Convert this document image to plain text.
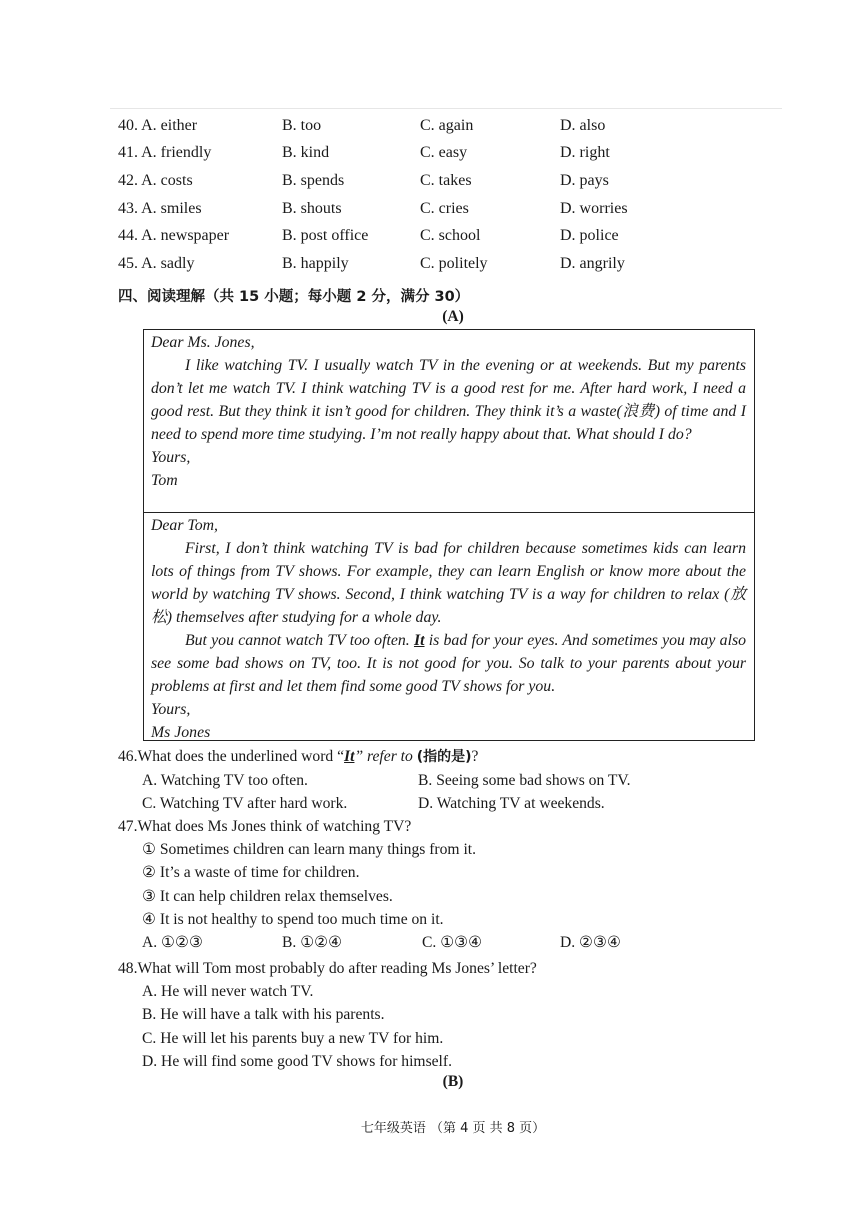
40. A. either	B. too	C. again	D. also
41. A. friendly	B. kind	C. easy	D. right
42. A. costs	B. spends	C. takes	D. pays
43. A. smiles	B. shouts	C. cries	D. worries
44. A. newspaper	B. post office	C. school	D. police
45. A. sadly	B. happily	C. politely	D. angrily
四、阅读理解（共 15 小题；每小题 2 分，满分 30）
(A)

Dear Ms. Jones,

I like watching TV. I usually watch TV in the evening or at weekends. But my parents don’t let me watch TV. I think watching TV is a good rest for me. After hard work, I need a good rest. But they think it isn’t good for children. They think it’s a waste(浪费) of time and I need to spend more time studying. I’m not really happy about that. What should I do?

Yours,

Tom

Dear Tom,

First, I don’t think watching TV is bad for children because sometimes kids can learn lots of things from TV shows. For example, they can learn English or know more about the world by watching TV shows. Second, I think watching TV is a way for children to relax (放松) themselves after studying for a whole day.

But you cannot watch TV too often. It is bad for your eyes. And sometimes you may also see some bad shows on TV, too. It is not good for you. So talk to your parents about your problems at first and let them find some good TV shows for you.

Yours,

Ms Jones

46.What does the underlined word “It” refer to (指的是)?
A. Watching TV too often.	B. Seeing some bad shows on TV.
C. Watching TV after hard work.	D. Watching TV at weekends.
47.What does Ms Jones think of watching TV?
① Sometimes children can learn many things from it.
② It’s a waste of time for children.
③ It can help children relax themselves.
④ It is not healthy to spend too much time on it.
A. ①②③	B. ①②④	C. ①③④	D. ②③④
48.What will Tom most probably do after reading Ms Jones’ letter?
A. He will never watch TV.
B. He will have a talk with his parents.
C. He will let his parents buy a new TV for him.
D. He will find some good TV shows for himself.
(B)
七年级英语 （第 4 页 共 8 页）
